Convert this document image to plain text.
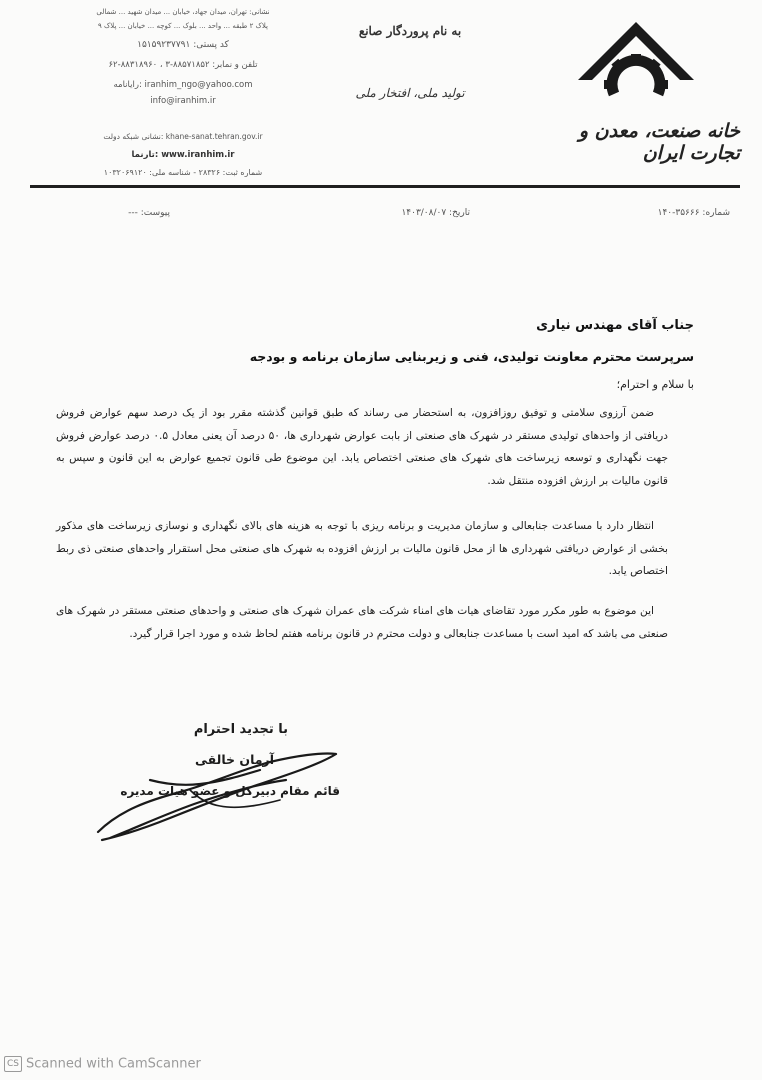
خانه صنعت، معدن و تجارت ایران
به نام پروردگار صانع
تولید ملی، افتخار ملی
نشانی: تهران، میدان جهاد، خیابان ... میدان شهید ... شمالی
پلاک ۲ طبقه ... واحد ... بلوک ... کوچه ... خیابان ... پلاک ۹
کد پستی: ۱۵۱۵۹۲۳۷۷۹۱
تلفن و نمابر: ۸۸۵۷۱۸۵۲-۳ ، ۸۸۳۱۸۹۶۰-۶۲
iranhim_ngo@yahoo.com :رایانامه
info@iranhim.ir
khane-sanat.tehran.gov.ir :نشانی شبکه دولت
www.iranhim.ir :تارنما
شماره ثبت: ۲۸۳۲۶ - شناسه ملی: ۱۰۳۲۰۶۹۱۲۰
شماره: ۳۵۶۶۶-۱۴۰
تاریخ: ۱۴۰۳/۰۸/۰۷
پیوست: ---
جناب آقای مهندس نیاری
سرپرست محترم معاونت تولیدی، فنی و زیربنایی سازمان برنامه و بودجه
با سلام و احترام؛

ضمن آرزوی سلامتی و توفیق روزافزون، به استحضار می رساند که طبق قوانین گذشته مقرر بود از یک درصد سهم عوارض فروش دریافتی از واحدهای تولیدی مستقر در شهرک های صنعتی از بابت عوارض شهرداری ها، ۵۰ درصد آن یعنی معادل ۰.۵ درصد عوارض فروش جهت نگهداری و توسعه زیرساخت های شهرک های صنعتی اختصاص یابد. این موضوع طی قانون تجمیع عوارض به این قانون و سپس به قانون مالیات بر ارزش افزوده منتقل شد.

انتظار دارد با مساعدت جنابعالی و سازمان مدیریت و برنامه ریزی با توجه به هزینه های بالای نگهداری و نوسازی زیرساخت های مذکور بخشی از عوارض دریافتی شهرداری ها از محل قانون مالیات بر ارزش افزوده به شهرک های صنعتی محل استقرار واحدهای صنعتی ذی ربط اختصاص یابد.

این موضوع به طور مکرر مورد تقاضای هیات های امناء شرکت های عمران شهرک های صنعتی و واحدهای صنعتی مستقر در شهرک های صنعتی می باشد که امید است با مساعدت جنابعالی و دولت محترم در قانون برنامه هفتم لحاظ شده و مورد اجرا قرار گیرد.

با تجدید احترام
آرمان خالقی
قائم مقام دبیرکل و عضو هیات مدیره
CS Scanned with CamScanner
